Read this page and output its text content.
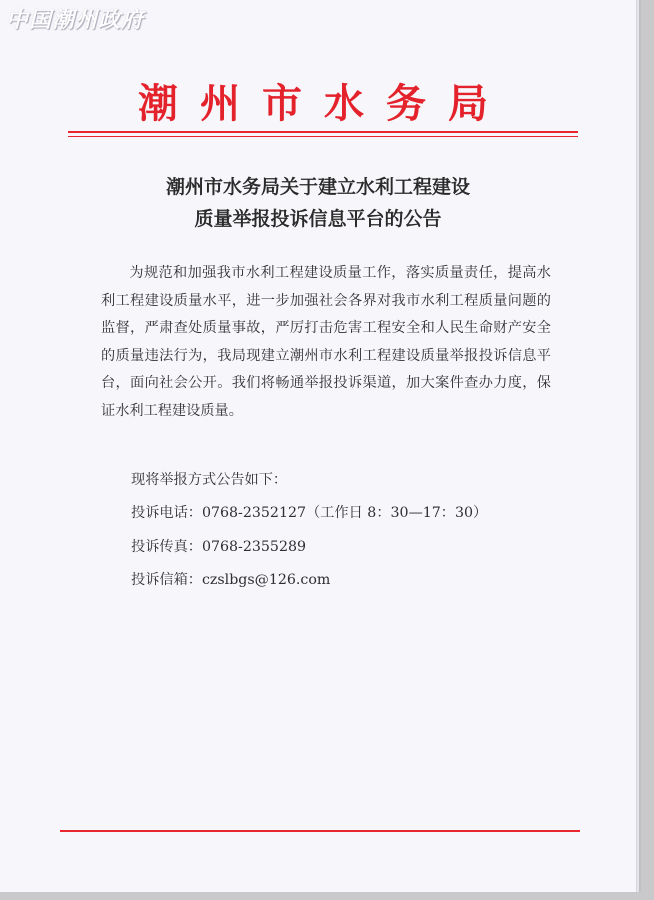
中国潮州政府
潮州市水务局
潮州市水务局关于建立水利工程建设
质量举报投诉信息平台的公告

为规范和加强我市水利工程建设质量工作，落实质量责任，提高水利工程建设质量水平，进一步加强社会各界对我市水利工程质量问题的监督，严肃查处质量事故，严厉打击危害工程安全和人民生命财产安全的质量违法行为，我局现建立潮州市水利工程建设质量举报投诉信息平台，面向社会公开。我们将畅通举报投诉渠道，加大案件查办力度，保证水利工程建设质量。

现将举报方式公告如下：
投诉电话：0768-2352127（工作日 8：30—17：30）
投诉传真：0768-2355289
投诉信箱：czslbgs@126.com
